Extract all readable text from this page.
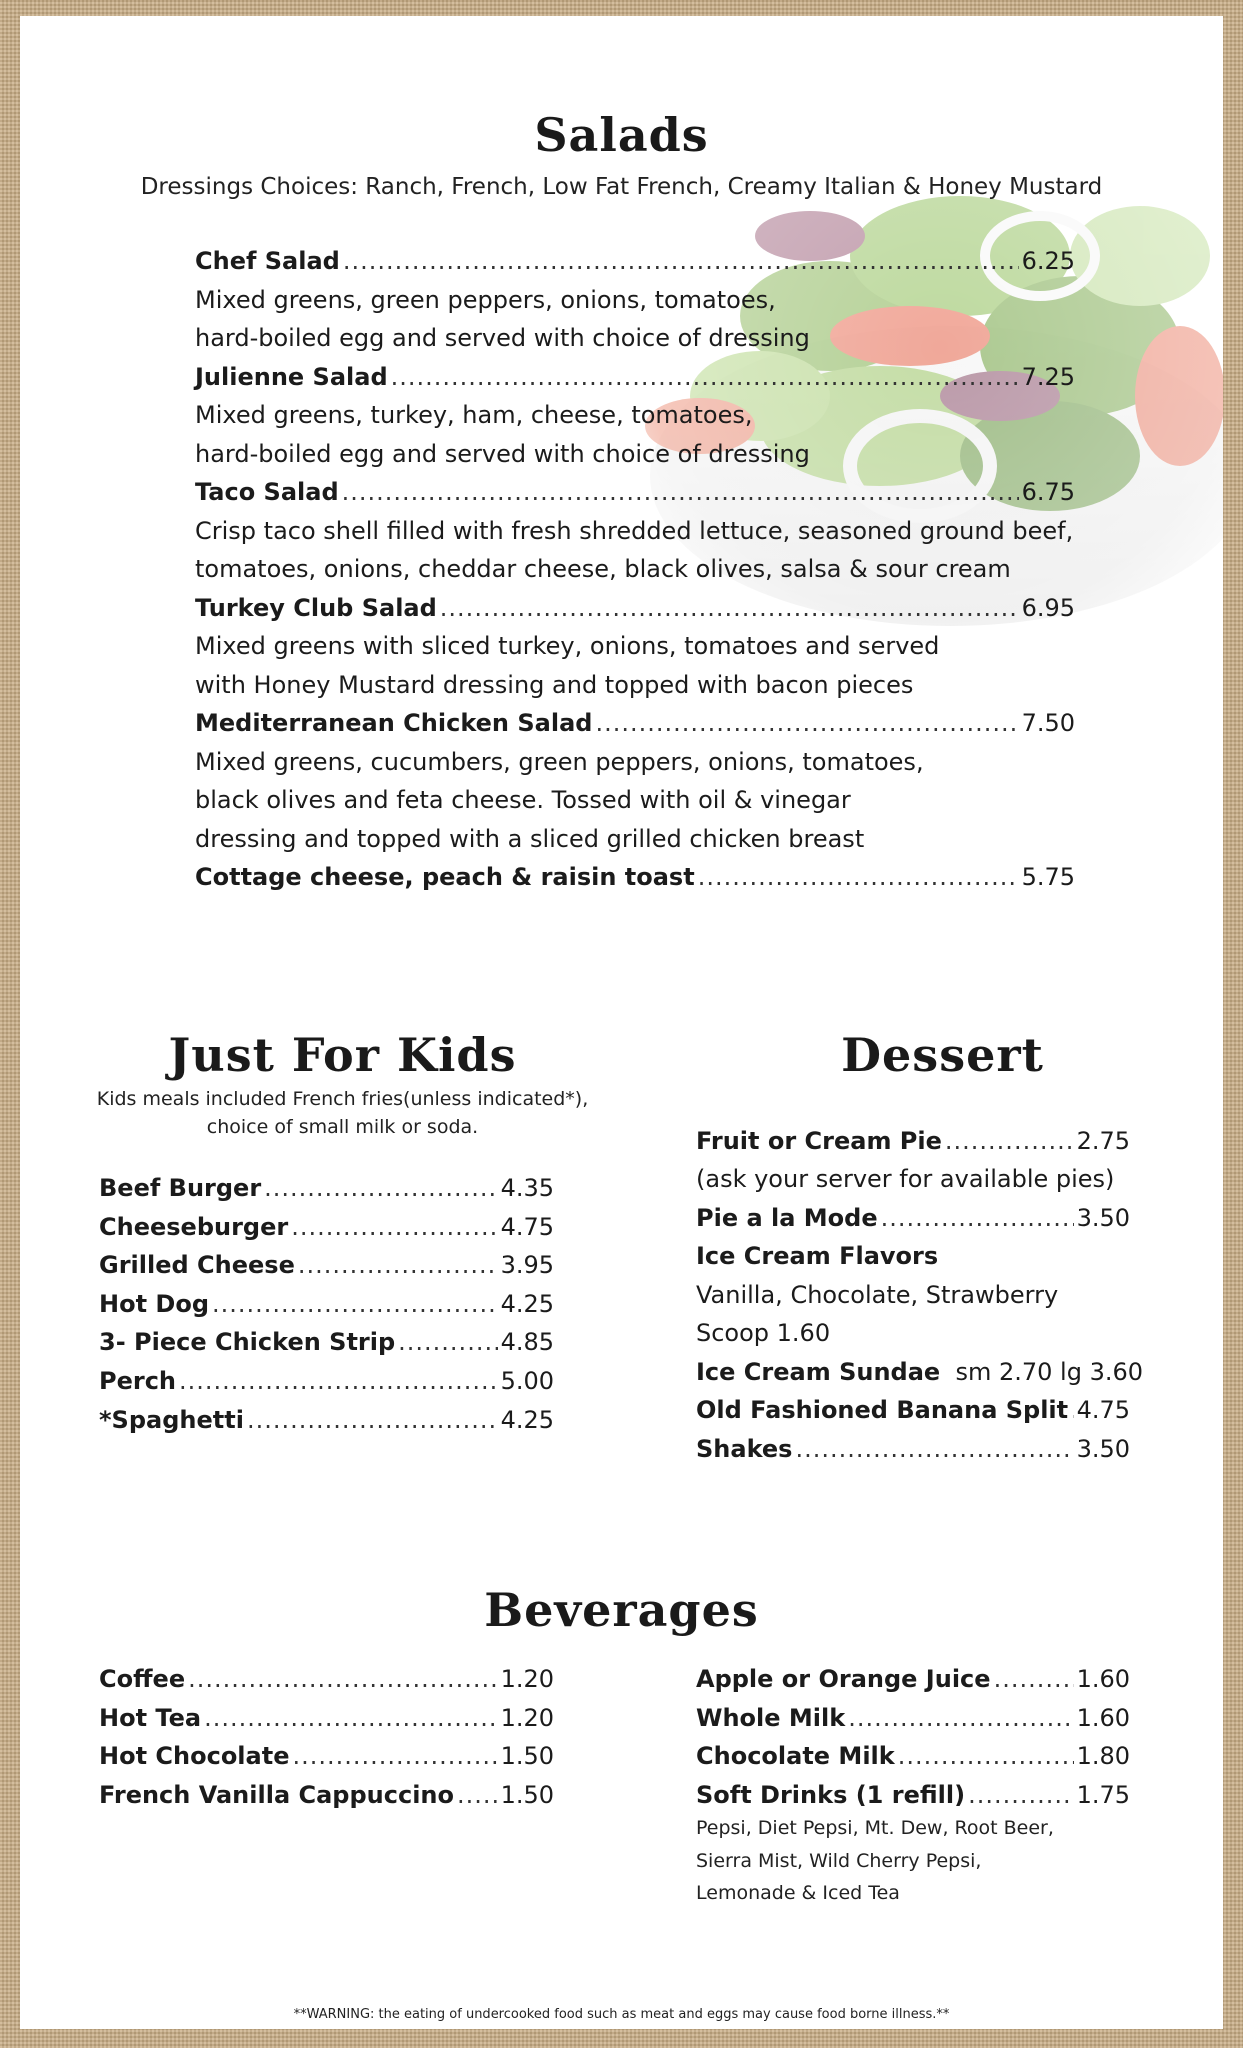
Salads
Dressings Choices: Ranch, French, Low Fat French, Creamy Italian & Honey Mustard
Chef Salad .....	6.25
Mixed greens, green peppers, onions, tomatoes,
hard-boiled egg and served with choice of dressing
Julienne Salad .....	7.25
Mixed greens, turkey, ham, cheese, tomatoes,
hard-boiled egg and served with choice of dressing
Taco Salad .....	6.75
Crisp taco shell filled with fresh shredded lettuce, seasoned ground beef,
tomatoes, onions, cheddar cheese, black olives, salsa & sour cream
Turkey Club Salad .....	6.95
Mixed greens with sliced turkey, onions, tomatoes and served
with Honey Mustard dressing and topped with bacon pieces
Mediterranean Chicken Salad .....	7.50
Mixed greens, cucumbers, green peppers, onions, tomatoes,
black olives and feta cheese. Tossed with oil & vinegar
dressing and topped with a sliced grilled chicken breast
Cottage cheese, peach & raisin toast .....	5.75
Just For Kids
Kids meals included French fries(unless indicated*),
choice of small milk or soda.
Beef Burger .....	4.35
Cheeseburger .....	4.75
Grilled Cheese .....	3.95
Hot Dog .....	4.25
3- Piece Chicken Strip .....	4.85
Perch .....	5.00
*Spaghetti .....	4.25
Dessert
Fruit or Cream Pie .....	2.75
(ask your server for available pies)
Pie a la Mode .....	3.50
Ice Cream Flavors
Vanilla, Chocolate, Strawberry
Scoop 1.60
Ice Cream Sundae sm 2.70 lg 3.60
Old Fashioned Banana Split ..... 4.75
Shakes .....	3.50
Beverages
Coffee .....	1.20
Hot Tea .....	1.20
Hot Chocolate .....	1.50
French Vanilla Cappuccino ..... 1.50
Apple or Orange Juice .....	1.60
Whole Milk .....	1.60
Chocolate Milk .....	1.80
Soft Drinks (1 refill) .....	1.75
Pepsi, Diet Pepsi, Mt. Dew, Root Beer,
Sierra Mist, Wild Cherry Pepsi,
Lemonade & Iced Tea
**WARNING: the eating of undercooked food such as meat and eggs may cause food borne illness.**
